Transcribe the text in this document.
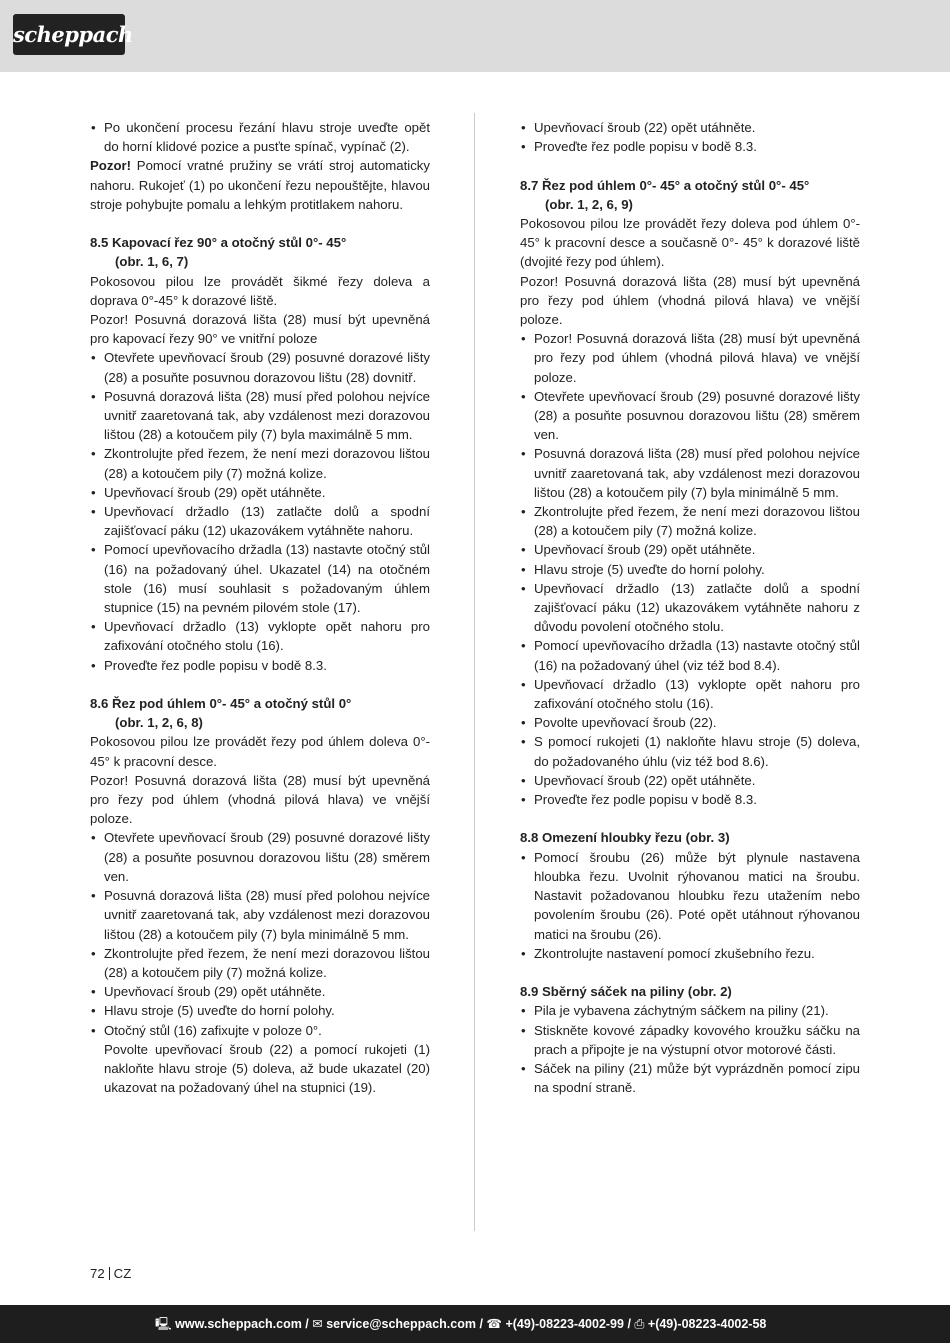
scheppach
• Po ukončení procesu řezání hlavu stroje uveďte opět do horní klidové pozice a pusťte spínač, vypínač (2).

Pozor! Pomocí vratné pružiny se vrátí stroj automaticky nahoru. Rukojeť (1) po ukončení řezu nepouštějte, hlavou stroje pohybujte pomalu a lehkým protitlakem nahoru.

8.5 Kapovací řez 90° a otočný stůl 0°- 45°
(obr. 1, 6, 7)

Pokosovou pilou lze provádět šikmé řezy doleva a doprava 0°-45° k dorazové liště.

Pozor! Posuvná dorazová lišta (28) musí být upevněná pro kapovací řezy 90° ve vnitřní poloze

• Otevřete upevňovací šroub (29) posuvné dorazové lišty (28) a posuňte posuvnou dorazovou lištu (28) dovnitř.
• Posuvná dorazová lišta (28) musí před polohou nejvíce uvnitř zaaretovaná tak, aby vzdálenost mezi dorazovou lištou (28) a kotoučem pily (7) byla maximálně 5 mm.
• Zkontrolujte před řezem, že není mezi dorazovou lištou (28) a kotoučem pily (7) možná kolize.
• Upevňovací šroub (29) opět utáhněte.
• Upevňovací držadlo (13) zatlačte dolů a spodní zajišťovací páku (12) ukazovákem vytáhněte nahoru.
• Pomocí upevňovacího držadla (13) nastavte otočný stůl (16) na požadovaný úhel. Ukazatel (14) na otočném stole (16) musí souhlasit s požadovaným úhlem stupnice (15) na pevném pilovém stole (17).
• Upevňovací držadlo (13) vyklopte opět nahoru pro zafixování otočného stolu (16).
• Proveďte řez podle popisu v bodě 8.3.
8.6 Řez pod úhlem 0°- 45° a otočný stůl 0°
(obr. 1, 2, 6, 8)

Pokosovou pilou lze provádět řezy pod úhlem doleva 0°- 45° k pracovní desce.

Pozor! Posuvná dorazová lišta (28) musí být upevněná pro řezy pod úhlem (vhodná pilová hlava) ve vnější poloze.

• Otevřete upevňovací šroub (29) posuvné dorazové lišty (28) a posuňte posuvnou dorazovou lištu (28) směrem ven.
• Posuvná dorazová lišta (28) musí před polohou nejvíce uvnitř zaaretovaná tak, aby vzdálenost mezi dorazovou lištou (28) a kotoučem pily (7) byla minimálně 5 mm.
• Zkontrolujte před řezem, že není mezi dorazovou lištou (28) a kotoučem pily (7) možná kolize.
• Upevňovací šroub (29) opět utáhněte.
• Hlavu stroje (5) uveďte do horní polohy.
• Otočný stůl (16) zafixujte v poloze 0°.
Povolte upevňovací šroub (22) a pomocí rukojeti (1) nakloňte hlavu stroje (5) doleva, až bude ukazatel (20) ukazovat na požadovaný úhel na stupnici (19).
• Upevňovací šroub (22) opět utáhněte.
• Proveďte řez podle popisu v bodě 8.3.
8.7 Řez pod úhlem 0°- 45° a otočný stůl 0°- 45°
(obr. 1, 2, 6, 9)

Pokosovou pilou lze provádět řezy doleva pod úhlem 0°- 45° k pracovní desce a současně 0°- 45° k dorazové liště (dvojité řezy pod úhlem).

Pozor! Posuvná dorazová lišta (28) musí být upevněná pro řezy pod úhlem (vhodná pilová hlava) ve vnější poloze.

• Pozor! Posuvná dorazová lišta (28) musí být upevněná pro řezy pod úhlem (vhodná pilová hlava) ve vnější poloze.
• Otevřete upevňovací šroub (29) posuvné dorazové lišty (28) a posuňte posuvnou dorazovou lištu (28) směrem ven.
• Posuvná dorazová lišta (28) musí před polohou nejvíce uvnitř zaaretovaná tak, aby vzdálenost mezi dorazovou lištou (28) a kotoučem pily (7) byla minimálně 5 mm.
• Zkontrolujte před řezem, že není mezi dorazovou lištou (28) a kotoučem pily (7) možná kolize.
• Upevňovací šroub (29) opět utáhněte.
• Hlavu stroje (5) uveďte do horní polohy.
• Upevňovací držadlo (13) zatlačte dolů a spodní zajišťovací páku (12) ukazovákem vytáhněte nahoru z důvodu povolení otočného stolu.
• Pomocí upevňovacího držadla (13) nastavte otočný stůl (16) na požadovaný úhel (viz též bod 8.4).
• Upevňovací držadlo (13) vyklopte opět nahoru pro zafixování otočného stolu (16).
• Povolte upevňovací šroub (22).
• S pomocí rukojeti (1) nakloňte hlavu stroje (5) doleva, do požadovaného úhlu (viz též bod 8.6).
• Upevňovací šroub (22) opět utáhněte.
• Proveďte řez podle popisu v bodě 8.3.
8.8 Omezení hloubky řezu (obr. 3)
• Pomocí šroubu (26) může být plynule nastavena hloubka řezu. Uvolnit rýhovanou matici na šroubu. Nastavit požadovanou hloubku řezu utažením nebo povolením šroubu (26). Poté opět utáhnout rýhovanou matici na šroubu (26).
• Zkontrolujte nastavení pomocí zkušebního řezu.
8.9 Sběrný sáček na piliny (obr. 2)
• Pila je vybavena záchytným sáčkem na piliny (21).
• Stiskněte kovové západky kovového kroužku sáčku na prach a připojte je na výstupní otvor motorové části.
• Sáček na piliny (21) může být vyprázdněn pomocí zipu na spodní straně.
72 CZ
🖳 www.scheppach.com / ✉ service@scheppach.com / ☎ +(49)-08223-4002-99 / ⎙ +(49)-08223-4002-58
